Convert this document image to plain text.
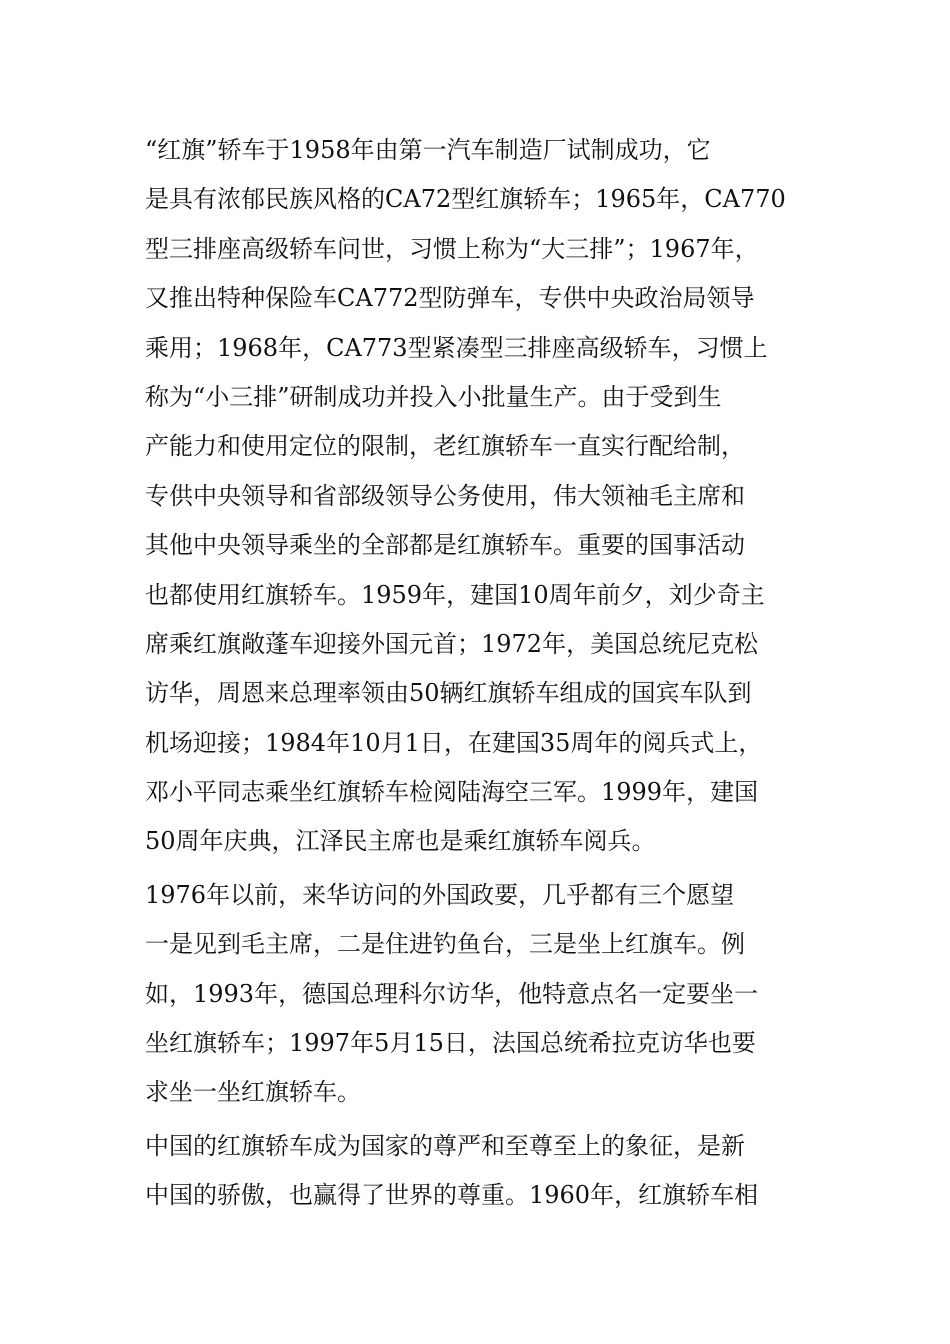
“红旗”轿车于1958年由第一汽车制造厂试制成功，它
是具有浓郁民族风格的CA72型红旗轿车；1965年，CA770
型三排座高级轿车问世，习惯上称为“大三排”；1967年，
又推出特种保险车CA772型防弹车，专供中央政治局领导
乘用；1968年，CA773型紧凑型三排座高级轿车，习惯上
称为“小三排”研制成功并投入小批量生产。由于受到生
产能力和使用定位的限制，老红旗轿车一直实行配给制，
专供中央领导和省部级领导公务使用，伟大领袖毛主席和
其他中央领导乘坐的全部都是红旗轿车。重要的国事活动
也都使用红旗轿车。1959年，建国10周年前夕，刘少奇主
席乘红旗敞蓬车迎接外国元首；1972年，美国总统尼克松
访华，周恩来总理率领由50辆红旗轿车组成的国宾车队到
机场迎接；1984年10月1日，在建国35周年的阅兵式上，
邓小平同志乘坐红旗轿车检阅陆海空三军。1999年，建国
50周年庆典，江泽民主席也是乘红旗轿车阅兵。
1976年以前，来华访问的外国政要，几乎都有三个愿望
一是见到毛主席，二是住进钓鱼台，三是坐上红旗车。例
如，1993年，德国总理科尔访华，他特意点名一定要坐一
坐红旗轿车；1997年5月15日，法国总统希拉克访华也要
求坐一坐红旗轿车。
中国的红旗轿车成为国家的尊严和至尊至上的象征，是新
中国的骄傲，也赢得了世界的尊重。1960年，红旗轿车相
